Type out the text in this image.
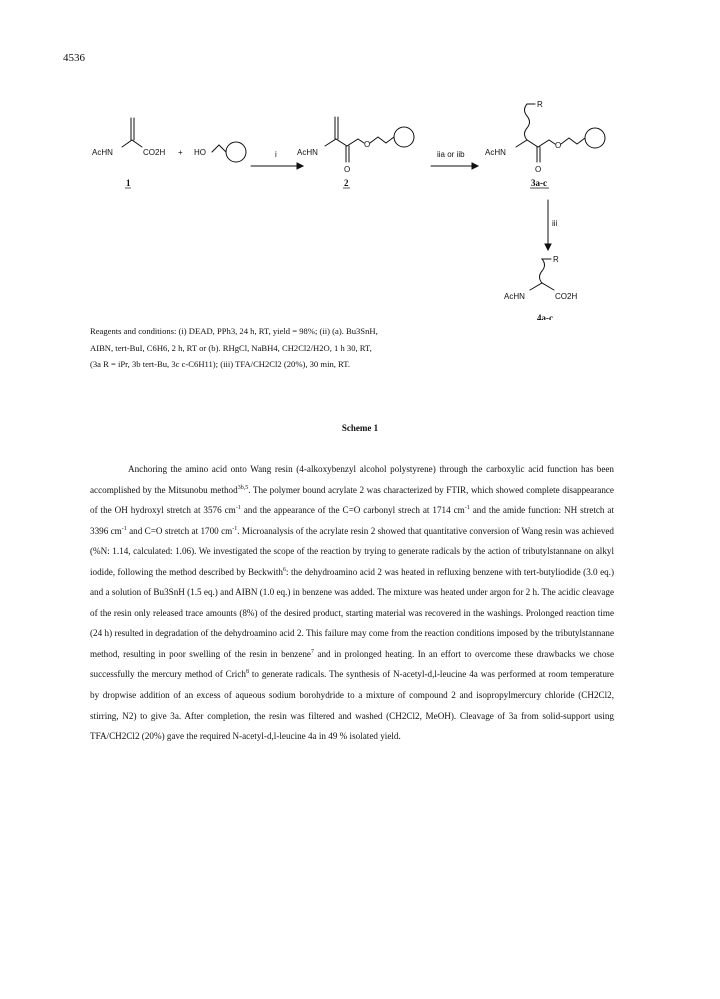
4536
AcHN	CO2H + HO
1
i	AcHN
O
O
2
iia or iib	AcHN
R
O
O
3a-c
iii
R
AcHN	CO2H
4a-c
Reagents and conditions: (i) DEAD, PPh3, 24 h, RT, yield = 98%; (ii) (a). Bu3SnH,
AIBN, tert-BuI, C6H6, 2 h, RT or (b). RHgCl, NaBH4, CH2Cl2/H2O, 1 h 30, RT,
(3a R = iPr, 3b tert-Bu, 3c c-C6H11); (iii) TFA/CH2Cl2 (20%), 30 min, RT.
Scheme 1

Anchoring the amino acid onto Wang resin (4-alkoxybenzyl alcohol polystyrene) through the carboxylic acid function has been accomplished by the Mitsunobu method$^{3b,5}$. The polymer bound acrylate 2 was characterized by FTIR, which showed complete disappearance of the OH hydroxyl stretch at 3576 $cm^{-1}$ and the appearance of the C=O carbonyl strech at 1714 $cm^{-1}$ and the amide function: NH stretch at 3396 $cm^{-1}$ and C=O stretch at 1700 $cm^{-1}$. Microanalysis of the acrylate resin 2 showed that quantitative conversion of Wang resin was achieved (%N: 1.14, calculated: 1.06). We investigated the scope of the reaction by trying to generate radicals by the action of tributylstannane on alkyl iodide, following the method described by Beckwith$^6$: the dehydroamino acid 2 was heated in refluxing benzene with tert-butyliodide (3.0 eq.) and a solution of Bu3SnH (1.5 eq.) and AIBN (1.0 eq.) in benzene was added. The mixture was heated under argon for 2 h. The acidic cleavage of the resin only released trace amounts (8%) of the desired product, starting material was recovered in the washings. Prolonged reaction time (24 h) resulted in degradation of the dehydroamino acid 2. This failure may come from the reaction conditions imposed by the tributylstannane method, resulting in poor swelling of the resin in benzene$^7$ and in prolonged heating. In an effort to overcome these drawbacks we chose successfully the mercury method of Crich$^8$ to generate radicals. The synthesis of N-acetyl-d,l-leucine 4a was performed at room temperature by dropwise addition of an excess of aqueous sodium borohydride to a mixture of compound 2 and isopropylmercury chloride (CH2Cl2, stirring, N2) to give 3a. After completion, the resin was filtered and washed (CH2Cl2, MeOH). Cleavage of 3a from solid-support using TFA/CH2Cl2 (20%) gave the required N-acetyl-d,l-leucine 4a in 49 % isolated yield.
